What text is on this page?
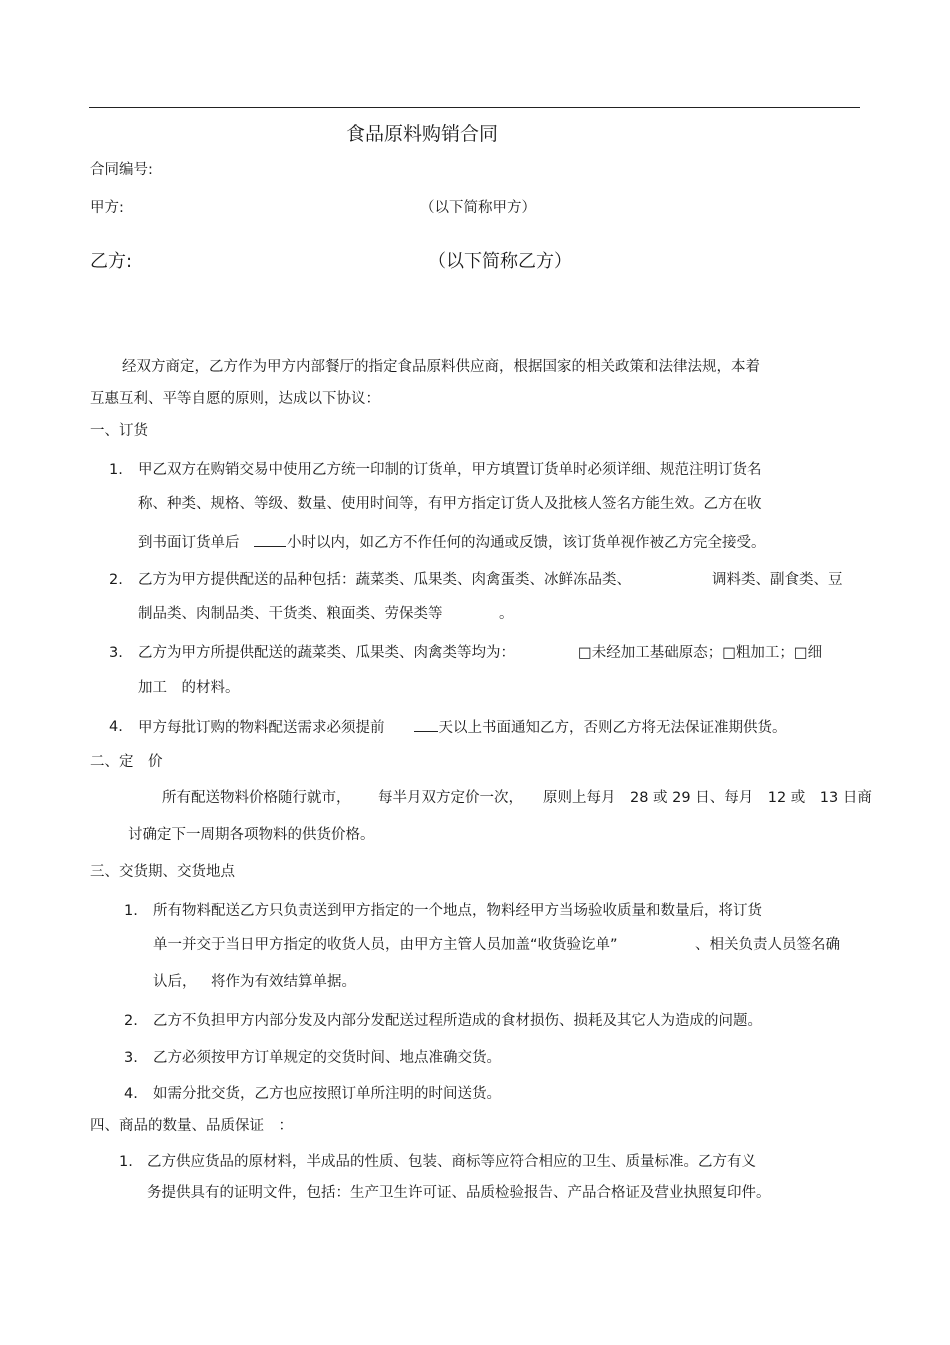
食品原料购销合同
合同编号:
甲方:	（以下简称甲方）
乙方:	（以下简称乙方）
经双方商定，乙方作为甲方内部餐厅的指定食品原料供应商，根据国家的相关政策和法律法规，本着
互惠互利、平等自愿的原则，达成以下协议：
一、订货
1. 甲乙双方在购销交易中使用乙方统一印制的订货单，甲方填置订货单时必须详细、规范注明订货名
称、种类、规格、等级、数量、使用时间等，有甲方指定订货人及批核人签名方能生效。乙方在收
到书面订货单后　	小时以内，如乙方不作任何的沟通或反馈，该订货单视作被乙方完全接受。
2. 乙方为甲方提供配送的品种包括：蔬菜类、瓜果类、肉禽蛋类、冰鲜冻品类、	调料类、副食类、豆
制品类、肉制品类、干货类、粮面类、劳保类等	。
3. 乙方为甲方所提供配送的蔬菜类、瓜果类、肉禽类等均为：	□未经加工基础原态；□粗加工；□细
加工　的材料。
4. 甲方每批订购的物料配送需求必须提前　　	天以上书面通知乙方，否则乙方将无法保证准期供货。
二、定　价
所有配送物料价格随行就市， 每半月双方定价一次， 原则上每月　28 或 29 日、每月　12 或　13 日商
讨确定下一周期各项物料的供货价格。
三、交货期、交货地点
1. 所有物料配送乙方只负责送到甲方指定的一个地点，物料经甲方当场验收质量和数量后，将订货
单一并交于当日甲方指定的收货人员，由甲方主管人员加盖“收货验讫单”	、相关负责人员签名确
认后， 将作为有效结算单据。
2. 乙方不负担甲方内部分发及内部分发配送过程所造成的食材损伤、损耗及其它人为造成的问题。
3. 乙方必须按甲方订单规定的交货时间、地点准确交货。
4. 如需分批交货，乙方也应按照订单所注明的时间送货。
四、商品的数量、品质保证　 ：
1. 乙方供应货品的原材料，半成品的性质、包装、商标等应符合相应的卫生、质量标准。乙方有义
务提供具有的证明文件，包括：生产卫生许可证、品质检验报告、产品合格证及营业执照复印件。
